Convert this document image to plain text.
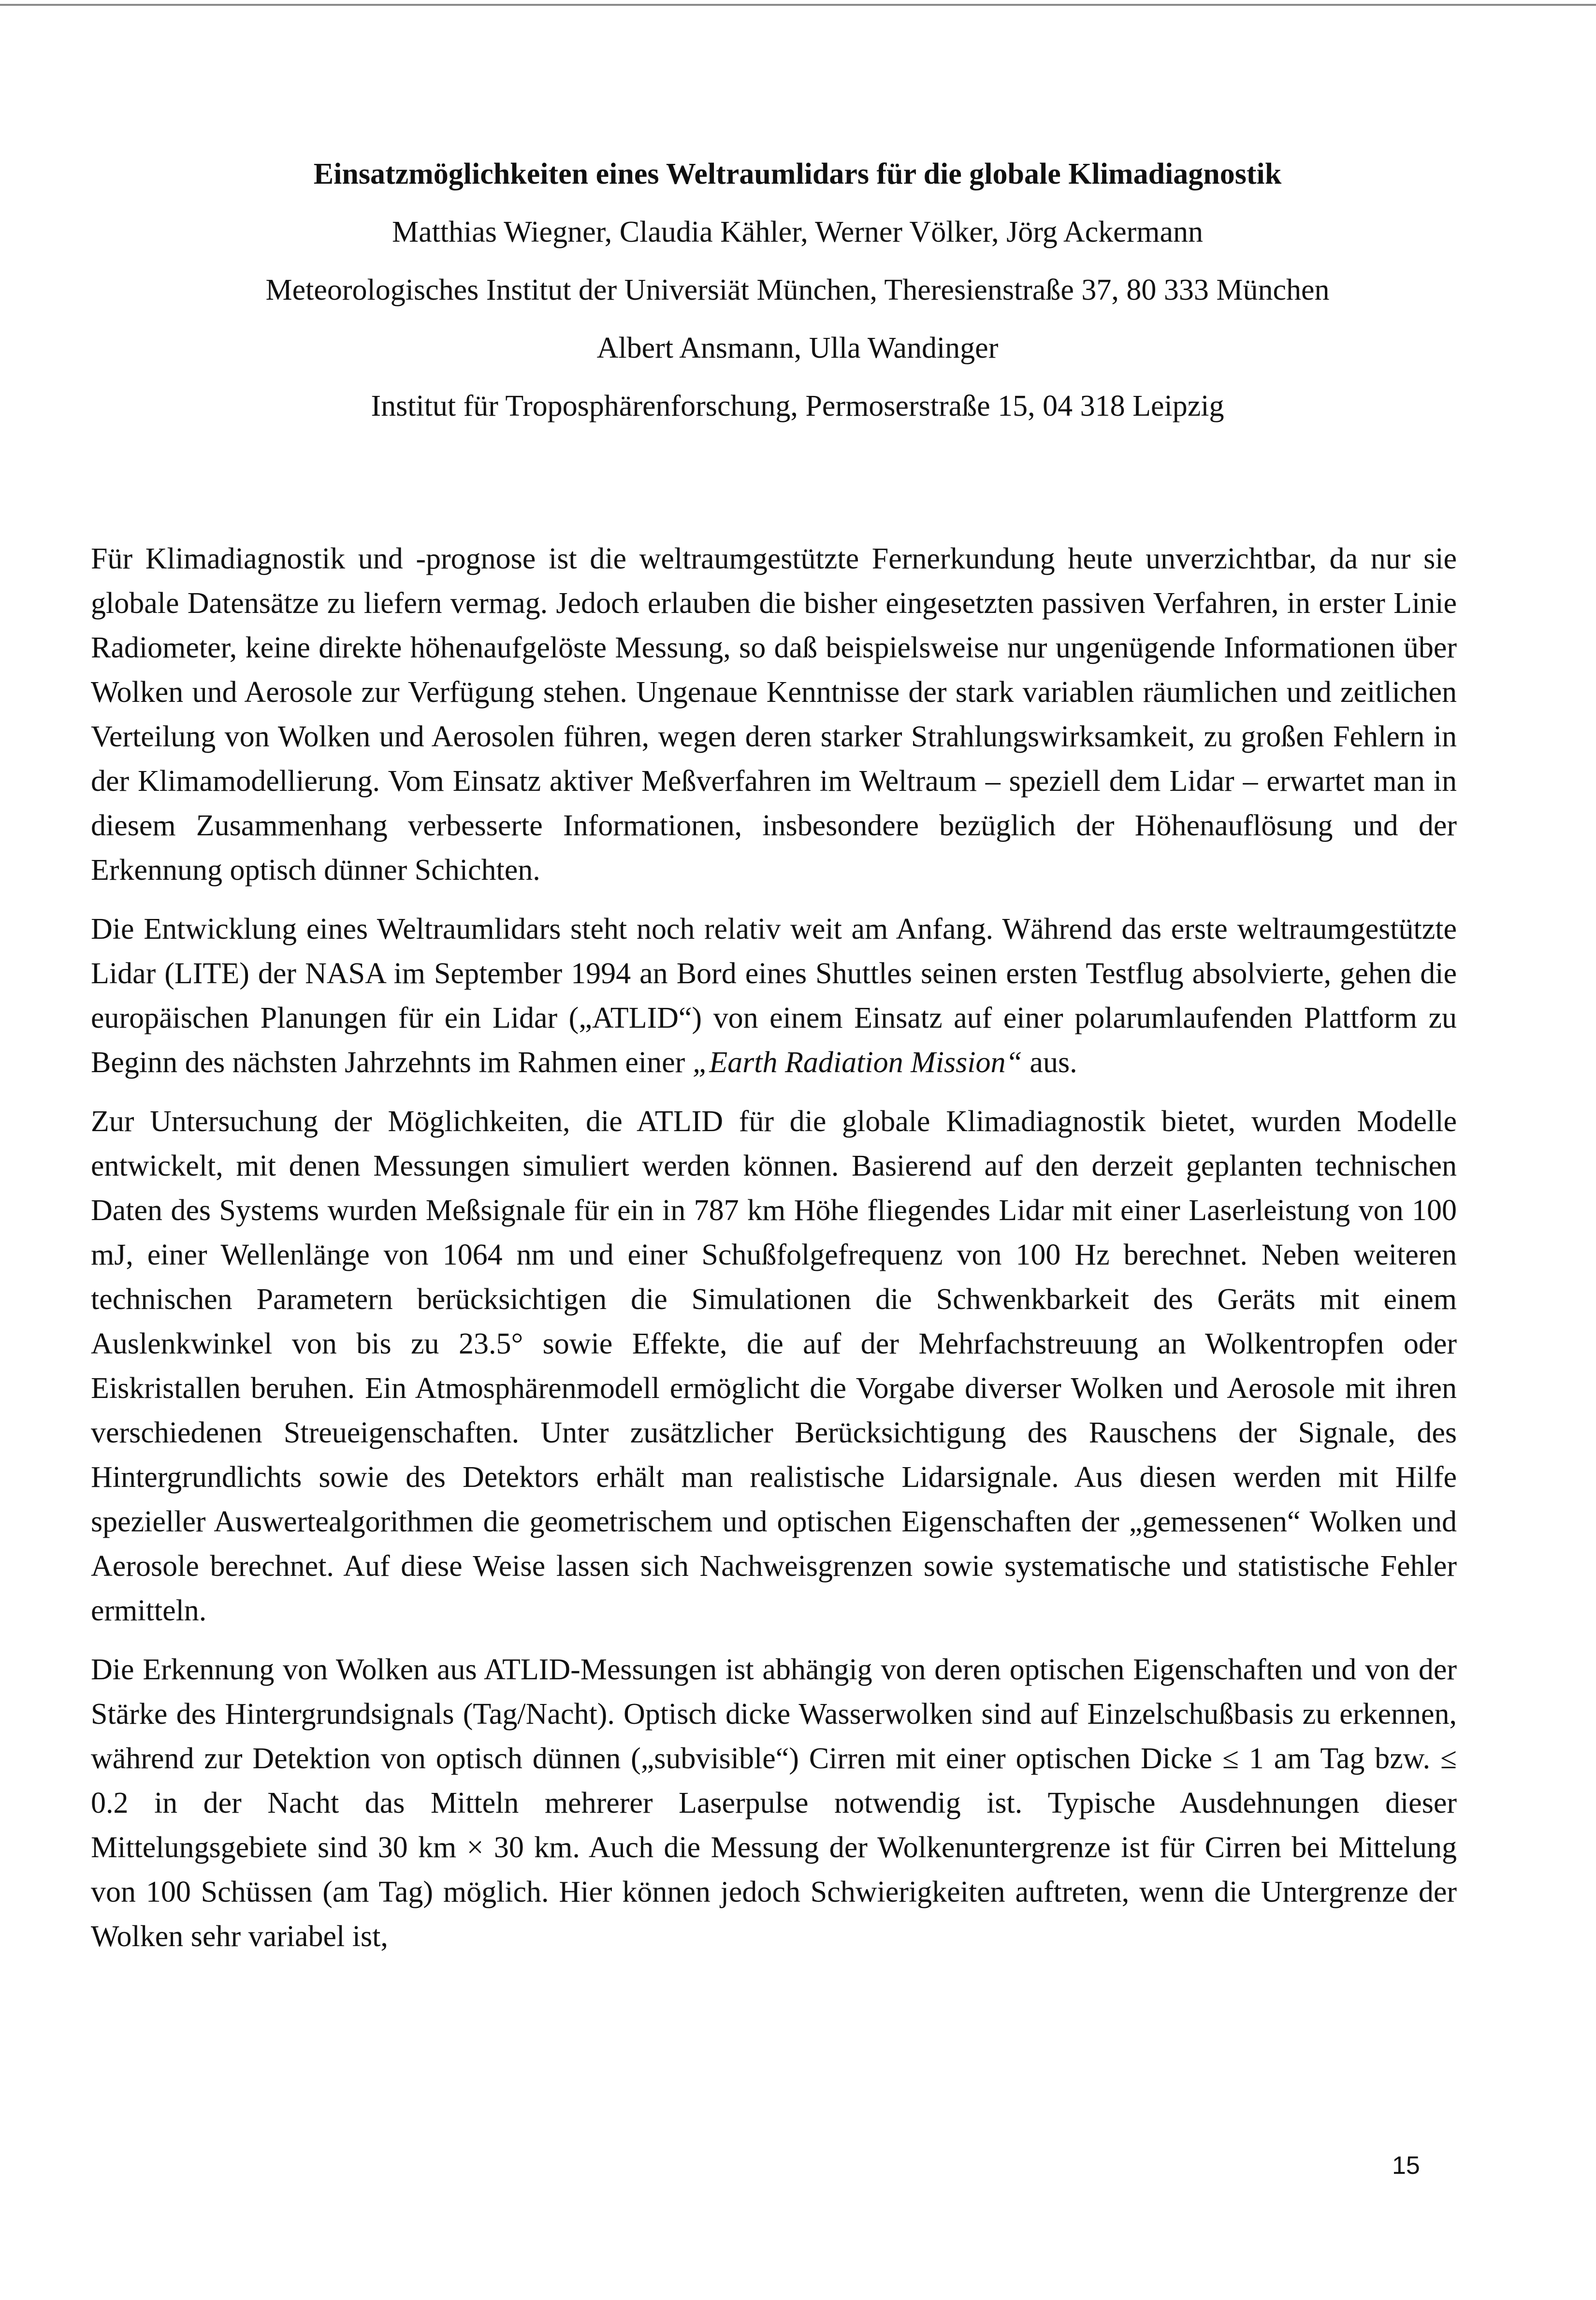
Einsatzmöglichkeiten eines Weltraumlidars für die globale Klimadiagnostik
Matthias Wiegner, Claudia Kähler, Werner Völker, Jörg Ackermann
Meteorologisches Institut der Universiät München, Theresienstraße 37, 80 333 München
Albert Ansmann, Ulla Wandinger
Institut für Troposphärenforschung, Permoserstraße 15, 04 318 Leipzig

Für Klimadiagnostik und -prognose ist die weltraumgestützte Fernerkundung heute unverzichtbar, da nur sie globale Datensätze zu liefern vermag. Jedoch erlauben die bisher eingesetzten passiven Verfahren, in erster Linie Radiometer, keine direkte höhenaufgelöste Messung, so daß beispielsweise nur ungenügende Informationen über Wolken und Aerosole zur Verfügung stehen. Ungenaue Kenntnisse der stark variablen räumlichen und zeitlichen Verteilung von Wolken und Aerosolen führen, wegen deren starker Strahlungswirksamkeit, zu großen Fehlern in der Klimamodellierung. Vom Einsatz aktiver Meßverfahren im Weltraum – speziell dem Lidar – erwartet man in diesem Zusammenhang verbesserte Informationen, insbesondere bezüglich der Höhenauflösung und der Erkennung optisch dünner Schichten.

Die Entwicklung eines Weltraumlidars steht noch relativ weit am Anfang. Während das erste weltraumgestützte Lidar (LITE) der NASA im September 1994 an Bord eines Shuttles seinen ersten Testflug absolvierte, gehen die europäischen Planungen für ein Lidar („ATLID“) von einem Einsatz auf einer polarumlaufenden Plattform zu Beginn des nächsten Jahrzehnts im Rahmen einer „Earth Radiation Mission“ aus.

Zur Untersuchung der Möglichkeiten, die ATLID für die globale Klimadiagnostik bietet, wurden Modelle entwickelt, mit denen Messungen simuliert werden können. Basierend auf den derzeit geplanten technischen Daten des Systems wurden Meßsignale für ein in 787 km Höhe fliegendes Lidar mit einer Laserleistung von 100 mJ, einer Wellenlänge von 1064 nm und einer Schußfolgefrequenz von 100 Hz berechnet. Neben weiteren technischen Parametern berücksichtigen die Simulationen die Schwenkbarkeit des Geräts mit einem Auslenkwinkel von bis zu 23.5° sowie Effekte, die auf der Mehrfachstreuung an Wolkentropfen oder Eiskristallen beruhen. Ein Atmosphärenmodell ermöglicht die Vorgabe diverser Wolken und Aerosole mit ihren verschiedenen Streueigenschaften. Unter zusätzlicher Berücksichtigung des Rauschens der Signale, des Hintergrundlichts sowie des Detektors erhält man realistische Lidarsignale. Aus diesen werden mit Hilfe spezieller Auswertealgorithmen die geometrischem und optischen Eigenschaften der „gemessenen“ Wolken und Aerosole berechnet. Auf diese Weise lassen sich Nachweisgrenzen sowie systematische und statistische Fehler ermitteln.

Die Erkennung von Wolken aus ATLID-Messungen ist abhängig von deren optischen Eigenschaften und von der Stärke des Hintergrundsignals (Tag/Nacht). Optisch dicke Wasserwolken sind auf Einzelschußbasis zu erkennen, während zur Detektion von optisch dünnen („subvisible“) Cirren mit einer optischen Dicke ≤ 1 am Tag bzw. ≤ 0.2 in der Nacht das Mitteln mehrerer Laserpulse notwendig ist. Typische Ausdehnungen dieser Mittelungsgebiete sind 30 km × 30 km. Auch die Messung der Wolkenuntergrenze ist für Cirren bei Mittelung von 100 Schüssen (am Tag) möglich. Hier können jedoch Schwierigkeiten auftreten, wenn die Untergrenze der Wolken sehr variabel ist,

15
